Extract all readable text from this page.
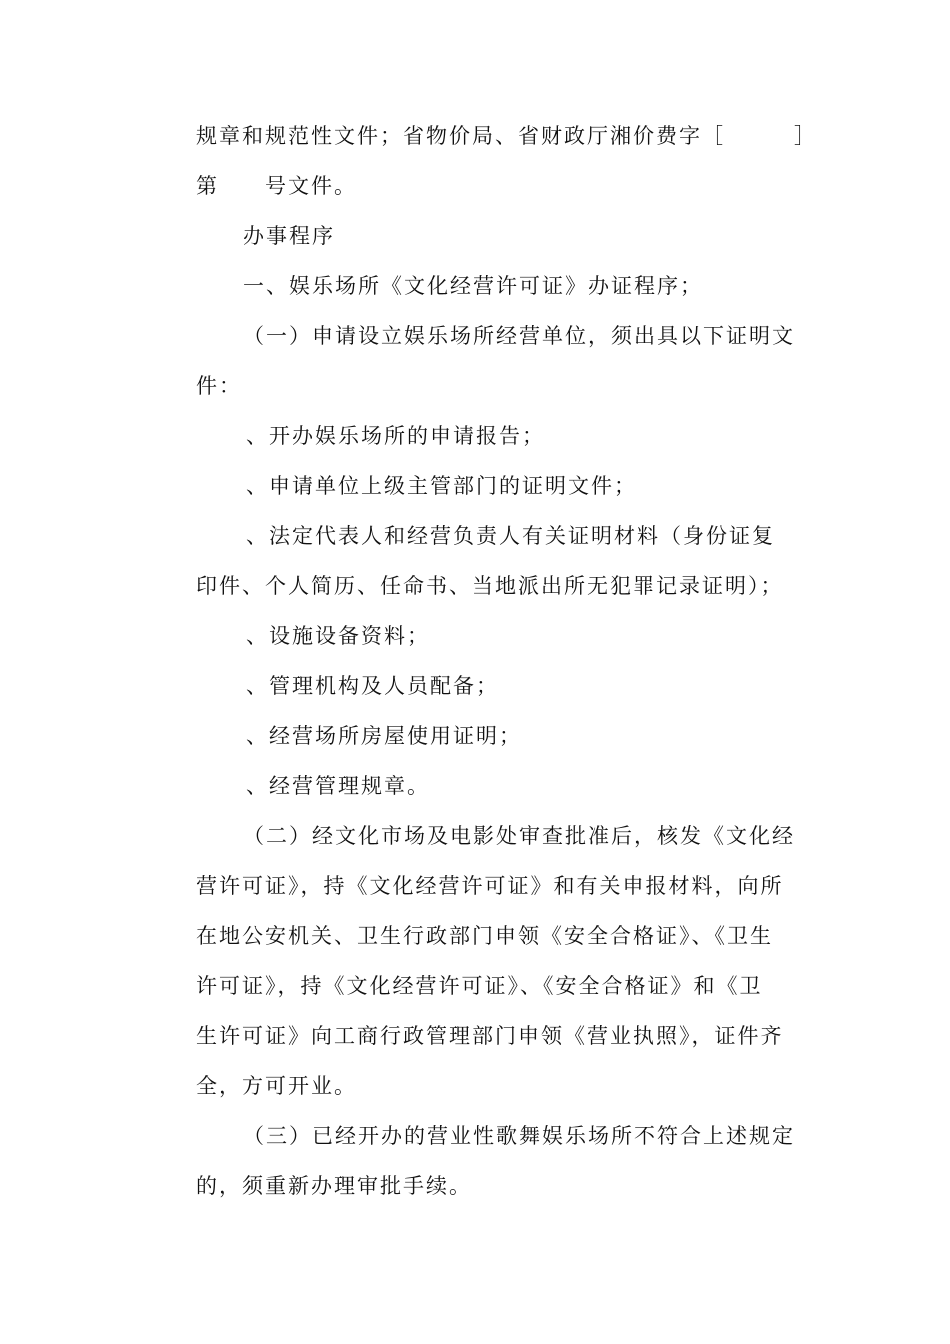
规章和规范性文件；省物价局、省财政厅湘价费字［　　　］
第　　号文件。
办事程序
一、娱乐场所《文化经营许可证》办证程序；
（一）申请设立娱乐场所经营单位，须出具以下证明文
件：
、开办娱乐场所的申请报告；
、申请单位上级主管部门的证明文件；
、法定代表人和经营负责人有关证明材料（身份证复
印件、个人简历、任命书、当地派出所无犯罪记录证明）；
、设施设备资料；
、管理机构及人员配备；
、经营场所房屋使用证明；
、经营管理规章。
（二）经文化市场及电影处审查批准后，核发《文化经
营许可证》，持《文化经营许可证》和有关申报材料，向所
在地公安机关、卫生行政部门申领《安全合格证》、《卫生
许可证》，持《文化经营许可证》、《安全合格证》和《卫
生许可证》向工商行政管理部门申领《营业执照》，证件齐
全，方可开业。
（三）已经开办的营业性歌舞娱乐场所不符合上述规定
的，须重新办理审批手续。
